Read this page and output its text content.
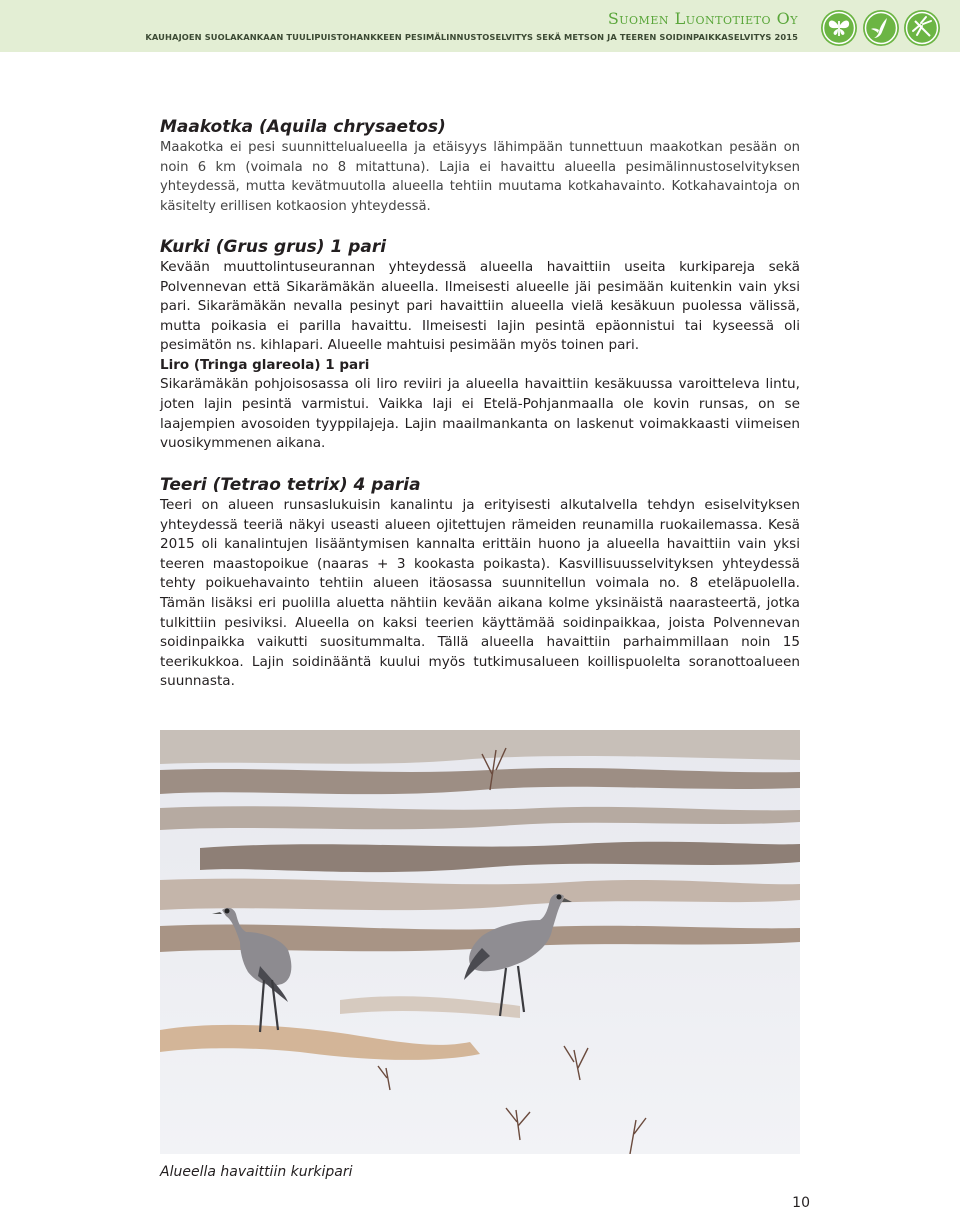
Suomen Luontotieto Oy
KAUHAJOEN SUOLAKANKAAN TUULIPUISTOHANKKEEN PESIMÄLINNUSTOSELVITYS SEKÄ METSON JA TEEREN SOIDINPAIKKASELVITYS 2015
Maakotka (Aquila chrysaetos)

Maakotka ei pesi suunnittelualueella ja etäisyys lähimpään tunnettuun maakotkan pesään on noin 6 km (voimala no 8 mitattuna). Lajia ei havaittu alueella pesimälinnustoselvityksen yhteydessä, mutta kevätmuutolla alueella tehtiin muutama kotkahavainto. Kotkahavaintoja on käsitelty erillisen kotkaosion yhteydessä.

Kurki (Grus grus) 1 pari

Kevään muuttolintuseurannan yhteydessä alueella havaittiin useita kurkipareja sekä Polvennevan että Sikarämäkän alueella. Ilmeisesti alueelle jäi pesimään kuitenkin vain yksi pari. Sikarämäkän nevalla pesinyt pari havaittiin alueella vielä kesäkuun puolessa välissä, mutta poikasia ei parilla havaittu. Ilmeisesti lajin pesintä epäonnistui tai kyseessä oli pesimätön ns. kihlapari. Alueelle mahtuisi pesimään myös toinen pari.

Liro (Tringa glareola) 1 pari

Sikarämäkän pohjoisosassa oli liro reviiri ja alueella havaittiin kesäkuussa varoitteleva lintu, joten lajin pesintä varmistui. Vaikka laji ei Etelä-Pohjanmaalla ole kovin runsas, on se laajempien avosoiden tyyppilajeja. Lajin maailmankanta on laskenut voimakkaasti viimeisen vuosikymmenen aikana.

Teeri (Tetrao tetrix) 4 paria

Teeri on alueen runsaslukuisin kanalintu ja erityisesti alkutalvella tehdyn esiselvityksen yhteydessä teeriä näkyi useasti alueen ojitettujen rämeiden reunamilla ruokailemassa. Kesä 2015 oli kanalintujen lisääntymisen kannalta erittäin huono ja alueella havaittiin vain yksi teeren maastopoikue (naaras + 3 kookasta poikasta). Kasvillisuusselvityksen yhteydessä tehty poikuehavainto tehtiin alueen itäosassa suunnitellun voimala no. 8 eteläpuolella. Tämän lisäksi eri puolilla aluetta nähtiin kevään aikana kolme yksinäistä naarasteertä, jotka tulkittiin pesiviksi. Alueella on kaksi teerien käyttämää soidinpaikkaa, joista Polvennevan soidinpaikka vaikutti suositummalta. Tällä alueella havaittiin parhaimmillaan noin 15 teerikukkoa. Lajin soidinääntä kuului myös tutkimusalueen koillispuolelta soranottoalueen suunnasta.

Alueella havaittiin kurkipari
10
